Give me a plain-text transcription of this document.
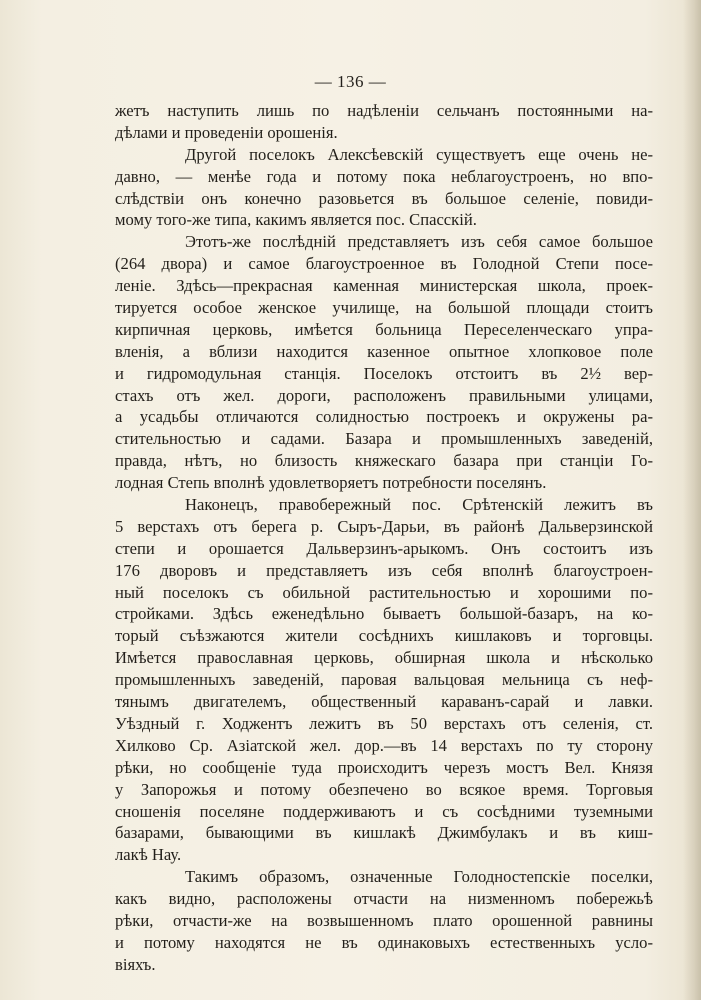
— 136 —
жетъ наступить лишь по надѣленіи сельчанъ постоянными на-
дѣлами и проведеніи орошенія.
Другой поселокъ Алексѣевскій существуетъ еще очень не-
давно, — менѣе года и потому пока неблагоустроенъ, но впо-
слѣдствіи онъ конечно разовьется въ большое селеніе, повиди-
мому того-же типа, какимъ является пос. Спасскій.
Этотъ-же послѣдній представляетъ изъ себя самое большое
(264 двора) и самое благоустроенное въ Голодной Степи посе-
леніе. Здѣсь—прекрасная каменная министерская школа, проек-
тируется особое женское училище, на большой площади стоитъ
кирпичная церковь, имѣется больница Переселенческаго упра-
вленія, а вблизи находится казенное опытное хлопковое поле
и гидромодульная станція. Поселокъ отстоитъ въ 2½ вер-
стахъ отъ жел. дороги, расположенъ правильными улицами,
а усадьбы отличаются солидностью построекъ и окружены ра-
стительностью и садами. Базара и промышленныхъ заведеній,
правда, нѣтъ, но близость княжескаго базара при станціи Го-
лодная Степь вполнѣ удовлетворяетъ потребности поселянъ.
Наконецъ, правобережный пос. Срѣтенскій лежитъ въ
5 верстахъ отъ берега р. Сыръ-Дарьи, въ районѣ Дальверзинской
степи и орошается Дальверзинъ-арыкомъ. Онъ состоитъ изъ
176 дворовъ и представляетъ изъ себя вполнѣ благоустроен-
ный поселокъ съ обильной растительностью и хорошими по-
стройками. Здѣсь еженедѣльно бываетъ большой-базаръ, на ко-
торый съѣзжаются жители сосѣднихъ кишлаковъ и торговцы.
Имѣется православная церковь, обширная школа и нѣсколько
промышленныхъ заведеній, паровая вальцовая мельница съ неф-
тянымъ двигателемъ, общественный караванъ-сарай и лавки.
Уѣздный г. Ходжентъ лежитъ въ 50 верстахъ отъ селенія, ст.
Хилково Ср. Азіатской жел. дор.—въ 14 верстахъ по ту сторону
рѣки, но сообщеніе туда происходитъ черезъ мостъ Вел. Князя
у Запорожья и потому обезпечено во всякое время. Торговыя
сношенія поселяне поддерживаютъ и съ сосѣдними туземными
базарами, бывающими въ кишлакѣ Джимбулакъ и въ киш-
лакѣ Нау.
Такимъ образомъ, означенные Голодностепскіе поселки,
какъ видно, расположены отчасти на низменномъ побережьѣ
рѣки, отчасти-же на возвышенномъ плато орошенной равнины
и потому находятся не въ одинаковыхъ естественныхъ усло-
віяхъ.
